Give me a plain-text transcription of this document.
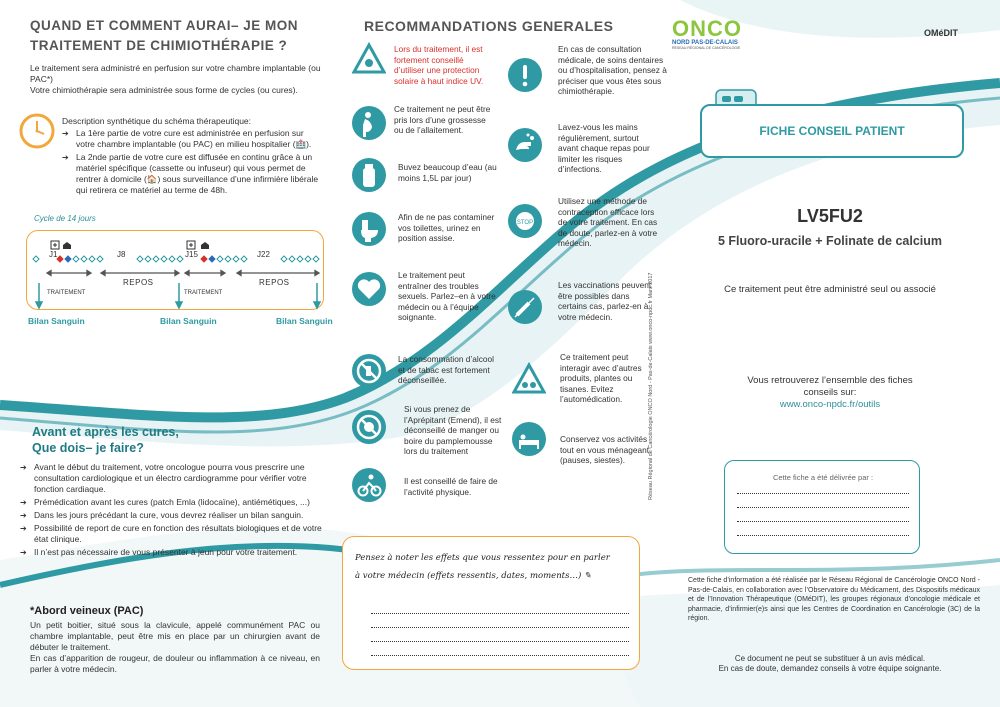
QUAND ET COMMENT AURAI– JE MON
TRAITEMENT DE CHIMIOTHÉRAPIE ?
Le traitement sera administré en perfusion sur votre chambre implantable (ou PAC*)
Votre chimiothérapie sera administrée sous forme de cycles (ou cures).
Description synthétique du schéma thérapeutique:
➔ La 1ère partie de votre cure est administrée en perfusion sur votre chambre implantable (ou PAC) en milieu hospitalier (🏥).
➔ La 2nde partie de votre cure est diffusée en continu grâce à un matériel spécifique (cassette ou infuseur) qui vous permet de rentrer à domicile (🏠) sous surveillance d’une infirmière libérale qui retirera ce matériel au terme de 48h.
Cycle de 14 jours
J1	J8	J15	J22
REPOS	REPOS
TRAITEMENT	TRAITEMENT
Bilan Sanguin	Bilan Sanguin	Bilan Sanguin
Avant et après les cures,
Que dois– je faire?
➔ Avant le début du traitement, votre oncologue pourra vous prescrire une consultation cardiologique et un électro cardiogramme pour vérifier votre fonction cardiaque.
➔ Prémédication avant les cures (patch Emla (lidocaïne), antiémétiques, ...)
➔ Dans les jours précédant la cure, vous devrez réaliser un bilan sanguin.
➔ Possibilité de report de cure en fonction des résultats biologiques et de votre état clinique.
➔ Il n’est pas nécessaire de vous présenter à jeun pour votre traitement.
*Abord veineux (PAC)
Un petit boitier, situé sous la clavicule, appelé communément PAC ou chambre implantable, peut être mis en place par un chirurgien avant de débuter le traitement.
En cas d’apparition de rougeur, de douleur ou inflammation à ce niveau, en parler à votre médecin.
RECOMMANDATIONS GENERALES
Lors du traitement, il est fortement conseillé d’utiliser une protection solaire à haut indice UV.
Ce traitement ne peut être pris lors d’une grossesse ou de l’allaitement.
Buvez beaucoup d’eau (au moins 1,5L par jour)
Afin de ne pas contaminer vos toilettes, urinez en position assise.
Le traitement peut entraîner des troubles sexuels. Parlez–en à votre médecin ou à l’équipe soignante.
La consommation d’alcool et de tabac est fortement déconseillée.
Si vous prenez de l’Aprépitant (Emend), il est déconseillé de manger ou boire du pamplemousse lors du traitement
Il est conseillé de faire de l’activité physique.
En cas de consultation médicale, de soins dentaires ou d’hospitalisation, pensez à préciser que vous êtes sous chimiothérapie.
Lavez-vous les mains régulièrement, surtout avant chaque repas pour limiter les risques d’infections.
STOP
Utilisez une méthode de contraception efficace lors de votre traitement. En cas de doute, parlez-en à votre médecin.
Les vaccinations peuvent être possibles dans certains cas, parlez-en à votre médecin.
Ce traitement peut interagir avec d’autres produits, plantes ou tisanes. Evitez l’automédication.
Conservez vos activités tout en vous ménageant (pauses, siestes).	Réseau Régional de Cancérologie ONCO Nord - Pas-de-Calais www.onco-npdc.fr Mars 2017
Pensez à noter les effets que vous ressentez pour en parler
à votre médecin (effets ressentis, dates, moments…) ✎
ONCO
NORD PAS-DE-CALAIS
RÉSEAU RÉGIONAL DE CANCÉROLOGIE
OMéDIT
FICHE CONSEIL PATIENT
LV5FU2
5 Fluoro-uracile + Folinate de calcium
Ce traitement peut être administré seul ou associé
Vous retrouverez l’ensemble des fiches
conseils sur:
www.onco-npdc.fr/outils
Cette fiche a été délivrée par :
Cette fiche d’information a été réalisée par le Réseau Régional de Cancérologie ONCO Nord - Pas-de-Calais, en collaboration avec l’Observatoire du Médicament, des Dispositifs médicaux et de l’Innovation Thérapeutique (OMéDIT), les groupes régionaux d’oncologie médicale et pharmacie, d’infirmier(e)s ainsi que les Centres de Coordination en Cancérologie (3C) de la région.
Ce document ne peut se substituer à un avis médical.
En cas de doute, demandez conseils à votre équipe soignante.
